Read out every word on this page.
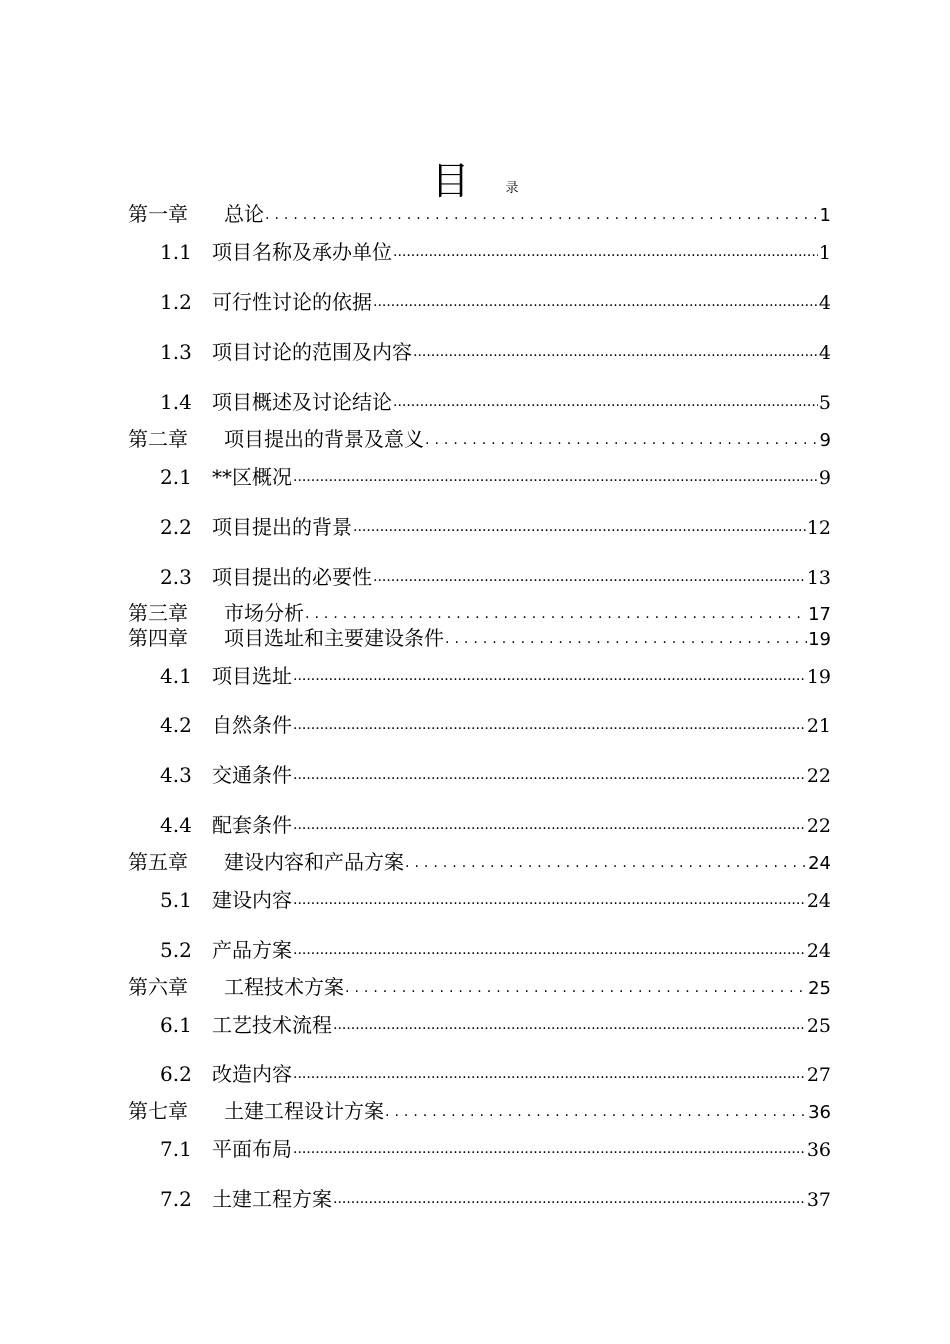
目	录
第一章	总论 .....	1
1.1	项目名称及承办单位 .....	1
1.2	可行性讨论的依据 .....	4
1.3	项目讨论的范围及内容 .....	4
1.4	项目概述及讨论结论 .....	5
第二章	项目提出的背景及意义 .....	9
2.1	**区概况 .....	9
2.2	项目提出的背景 .....	12
2.3	项目提出的必要性 .....	13
第三章	市场分析 .....	17
第四章	项目选址和主要建设条件 .....	19
4.1	项目选址 .....	19
4.2	自然条件 .....	21
4.3	交通条件 .....	22
4.4	配套条件 .....	22
第五章	建设内容和产品方案 .....	24
5.1	建设内容 .....	24
5.2	产品方案 .....	24
第六章	工程技术方案 .....	25
6.1	工艺技术流程 .....	25
6.2	改造内容 .....	27
第七章	土建工程设计方案 .....	36
7.1	平面布局 .....	36
7.2	土建工程方案 .....	37
